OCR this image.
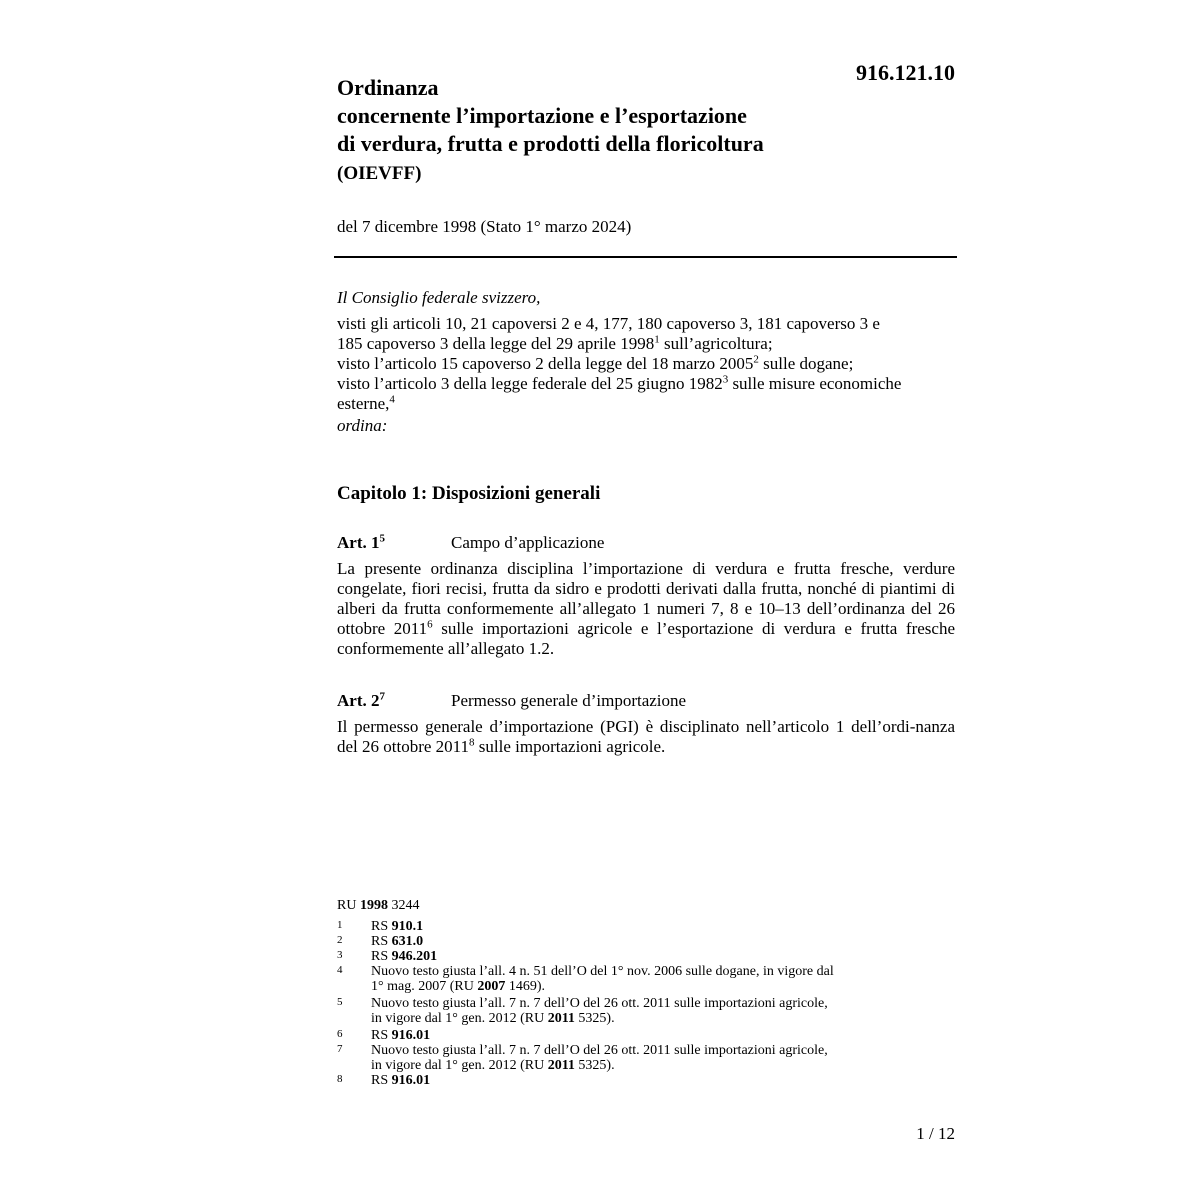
916.121.10
Ordinanza
concernente l’importazione e l’esportazione
di verdura, frutta e prodotti della floricoltura
(OIEVFF)
del 7 dicembre 1998 (Stato 1° marzo 2024)
Il Consiglio federale svizzero,
visti gli articoli 10, 21 capoversi 2 e 4, 177, 180 capoverso 3, 181 capoverso 3 e
185 capoverso 3 della legge del 29 aprile 1998$^1$ sull’agricoltura;
visto l’articolo 15 capoverso 2 della legge del 18 marzo 2005$^2$ sulle dogane;
visto l’articolo 3 della legge federale del 25 giugno 1982$^3$ sulle misure economiche
esterne,$^4$
ordina:
Capitolo 1: Disposizioni generali
Art. 1$^5$	Campo d’applicazione
La presente ordinanza disciplina l’importazione di verdura e frutta fresche, verdure congelate, fiori recisi, frutta da sidro e prodotti derivati dalla frutta, nonché di piantimi di alberi da frutta conformemente all’allegato 1 numeri 7, 8 e 10–13 dell’ordinanza del 26 ottobre 2011$^6$ sulle importazioni agricole e l’esportazione di verdura e frutta fresche conformemente all’allegato 1.2.
Art. 2$^7$	Permesso generale d’importazione
Il permesso generale d’importazione (PGI) è disciplinato nell’articolo 1 dell’ordi-nanza del 26 ottobre 2011$^8$ sulle importazioni agricole.
RU 1998 3244
1	RS 910.1
2	RS 631.0
3	RS 946.201
4	Nuovo testo giusta l’all. 4 n. 51 dell’O del 1° nov. 2006 sulle dogane, in vigore dal
1° mag. 2007 (RU 2007 1469).
5	Nuovo testo giusta l’all. 7 n. 7 dell’O del 26 ott. 2011 sulle importazioni agricole,
in vigore dal 1° gen. 2012 (RU 2011 5325).
6	RS 916.01
7	Nuovo testo giusta l’all. 7 n. 7 dell’O del 26 ott. 2011 sulle importazioni agricole,
in vigore dal 1° gen. 2012 (RU 2011 5325).
8	RS 916.01
1 / 12
